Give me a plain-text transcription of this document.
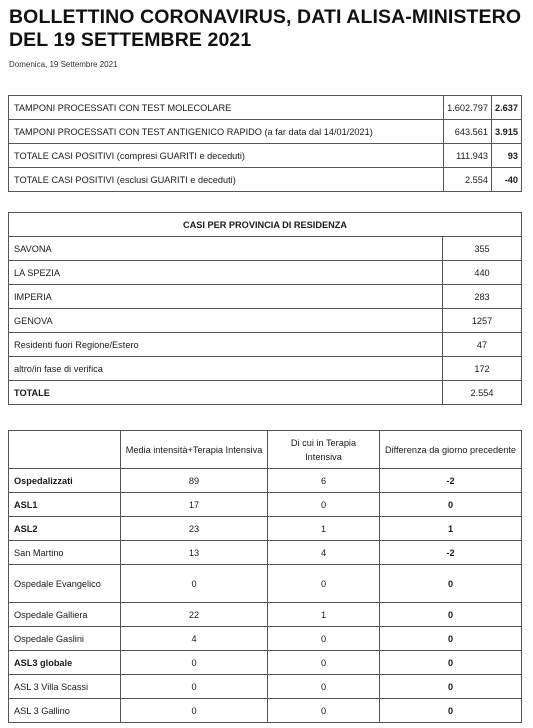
BOLLETTINO CORONAVIRUS, DATI ALISA-MINISTERO DEL 19 SETTEMBRE 2021
Domenica, 19 Settembre 2021
TAMPONI PROCESSATI CON TEST MOLECOLARE	1.602.797	2.637
TAMPONI PROCESSATI CON TEST ANTIGENICO RAPIDO (a far data dal 14/01/2021)	643.561	3.915
TOTALE CASI POSITIVI (compresi GUARITI e deceduti)	111.943	93
TOTALE CASI POSITIVI (esclusi GUARITI e deceduti)	2.554	-40
CASI PER PROVINCIA DI RESIDENZA	
SAVONA	355
LA SPEZIA	440
IMPERIA	283
GENOVA	1257
Residenti fuori Regione/Estero	47
altro/in fase di verifica	172
TOTALE	2.554
	Media intensità+Terapia Intensiva	Di cui in Terapia Intensiva	Differenza da giorno precedente
Ospedalizzati	89	6	-2
ASL1	17	0	0
ASL2	23	1	1
San Martino	13	4	-2
Ospedale Evangelico	0	0	0
Ospedale Galliera	22	1	0
Ospedale Gaslini	4	0	0
ASL3 globale	0	0	0
ASL 3 Villa Scassi	0	0	0
ASL 3 Gallino	0	0	0
